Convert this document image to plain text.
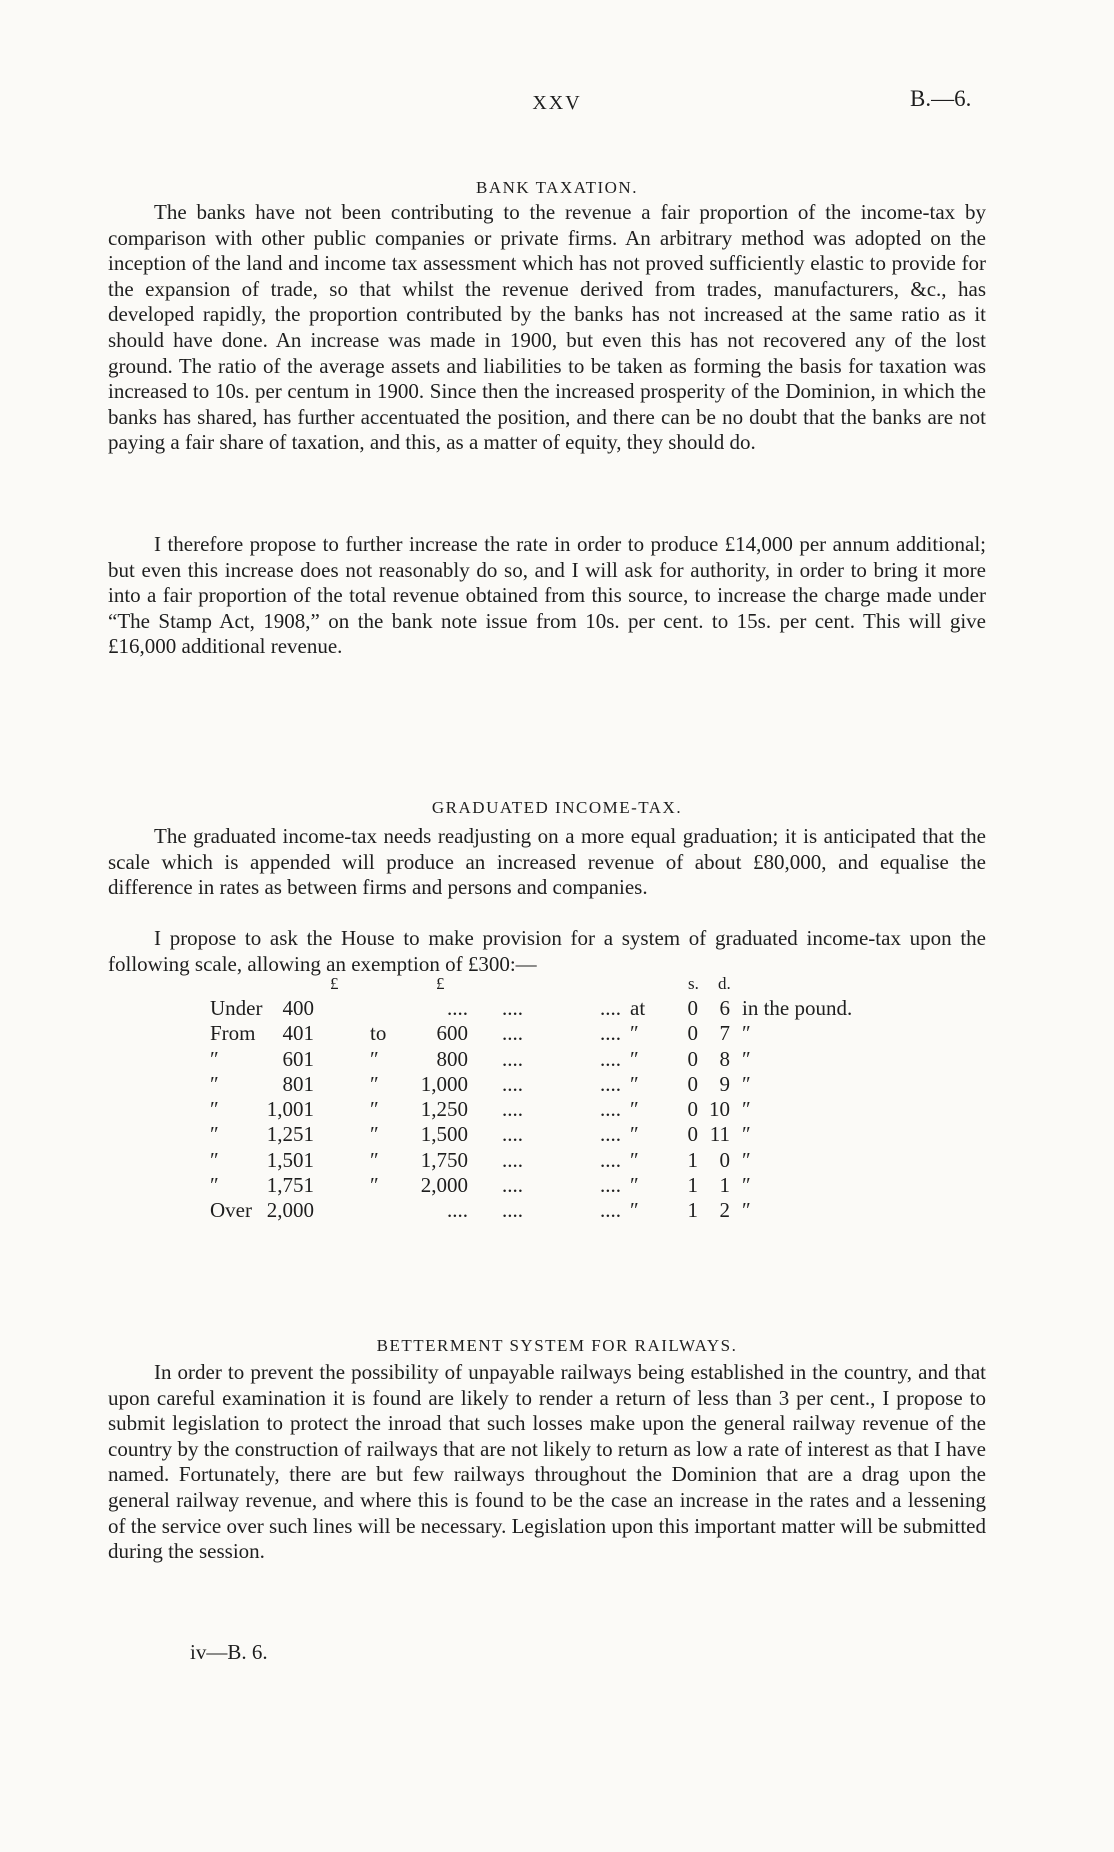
XXV	B.—6.
BANK TAXATION.

The banks have not been contributing to the revenue a fair proportion of the income-tax by comparison with other public companies or private firms. An arbitrary method was adopted on the inception of the land and income tax assessment which has not proved sufficiently elastic to provide for the expansion of trade, so that whilst the revenue derived from trades, manufacturers, &c., has developed rapidly, the proportion contributed by the banks has not increased at the same ratio as it should have done. An increase was made in 1900, but even this has not recovered any of the lost ground. The ratio of the average assets and liabilities to be taken as forming the basis for taxation was increased to 10s. per centum in 1900. Since then the increased prosperity of the Dominion, in which the banks has shared, has further accentuated the position, and there can be no doubt that the banks are not paying a fair share of taxation, and this, as a matter of equity, they should do.

I therefore propose to further increase the rate in order to produce £14,000 per annum additional; but even this increase does not reasonably do so, and I will ask for authority, in order to bring it more into a fair proportion of the total revenue obtained from this source, to increase the charge made under “The Stamp Act, 1908,” on the bank note issue from 10s. per cent. to 15s. per cent. This will give £16,000 additional revenue.

GRADUATED INCOME-TAX.

The graduated income-tax needs readjusting on a more equal graduation; it is anticipated that the scale which is appended will produce an increased revenue of about £80,000, and equalise the difference in rates as between firms and persons and companies.

I propose to ask the House to make provision for a system of graduated income-tax upon the following scale, allowing an exemption of £300:—

£	£	s. d.
Under 400	.... ....	.... at 0 6 in the pound.
From 401	to 600 ....	.... ″ 0 7 ″
″	601	″	800 ....	.... ″ 0 8 ″
″	801	″ 1,000 ....	.... ″ 0 9 ″
″ 1,001	″ 1,250 ....	.... ″ 0 10 ″
″ 1,251	″ 1,500 ....	.... ″ 0 11 ″
″ 1,501	″ 1,750 ....	.... ″ 1 0 ″
″ 1,751	″ 2,000 ....	.... ″ 1 1 ″
Over 2,000	.... ....	.... ″ 1 2 ″
BETTERMENT SYSTEM FOR RAILWAYS.

In order to prevent the possibility of unpayable railways being established in the country, and that upon careful examination it is found are likely to render a return of less than 3 per cent., I propose to submit legislation to protect the inroad that such losses make upon the general railway revenue of the country by the construction of railways that are not likely to return as low a rate of interest as that I have named. Fortunately, there are but few railways throughout the Dominion that are a drag upon the general railway revenue, and where this is found to be the case an increase in the rates and a lessening of the service over such lines will be necessary. Legislation upon this important matter will be submitted during the session.

iv—B. 6.
